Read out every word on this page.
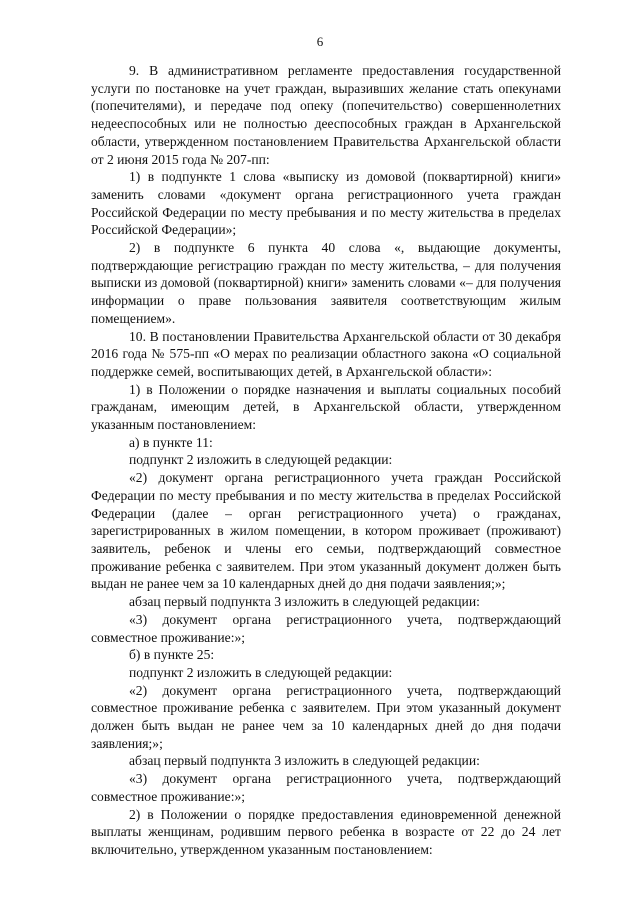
6

9. В административном регламенте предоставления государственной услуги по постановке на учет граждан, выразивших желание стать опекунами (попечителями), и передаче под опеку (попечительство) совершеннолетних недееспособных или не полностью дееспособных граждан в Архангельской области, утвержденном постановлением Правительства Архангельской области от 2 июня 2015 года № 207-пп:

1) в подпункте 1 слова «выписку из домовой (поквартирной) книги» заменить словами «документ органа регистрационного учета граждан Российской Федерации по месту пребывания и по месту жительства в пределах Российской Федерации»;

2) в подпункте 6 пункта 40 слова «, выдающие документы, подтверждающие регистрацию граждан по месту жительства, – для получения выписки из домовой (поквартирной) книги» заменить словами «– для получения информации о праве пользования заявителя соответствующим жилым помещением».

10. В постановлении Правительства Архангельской области от 30 декабря 2016 года № 575-пп «О мерах по реализации областного закона «О социальной поддержке семей, воспитывающих детей, в Архангельской области»:

1) в Положении о порядке назначения и выплаты социальных пособий гражданам, имеющим детей, в Архангельской области, утвержденном указанным постановлением:

а) в пункте 11:

подпункт 2 изложить в следующей редакции:

«2) документ органа регистрационного учета граждан Российской Федерации по месту пребывания и по месту жительства в пределах Российской Федерации (далее – орган регистрационного учета) о гражданах, зарегистрированных в жилом помещении, в котором проживает (проживают) заявитель, ребенок и члены его семьи, подтверждающий совместное проживание ребенка с заявителем. При этом указанный документ должен быть выдан не ранее чем за 10 календарных дней до дня подачи заявления;»;

абзац первый подпункта 3 изложить в следующей редакции:

«3) документ органа регистрационного учета, подтверждающий совместное проживание:»;

б) в пункте 25:

подпункт 2 изложить в следующей редакции:

«2) документ органа регистрационного учета, подтверждающий совместное проживание ребенка с заявителем. При этом указанный документ должен быть выдан не ранее чем за 10 календарных дней до дня подачи заявления;»;

абзац первый подпункта 3 изложить в следующей редакции:

«3) документ органа регистрационного учета, подтверждающий совместное проживание:»;

2) в Положении о порядке предоставления единовременной денежной выплаты женщинам, родившим первого ребенка в возрасте от 22 до 24 лет включительно, утвержденном указанным постановлением:
